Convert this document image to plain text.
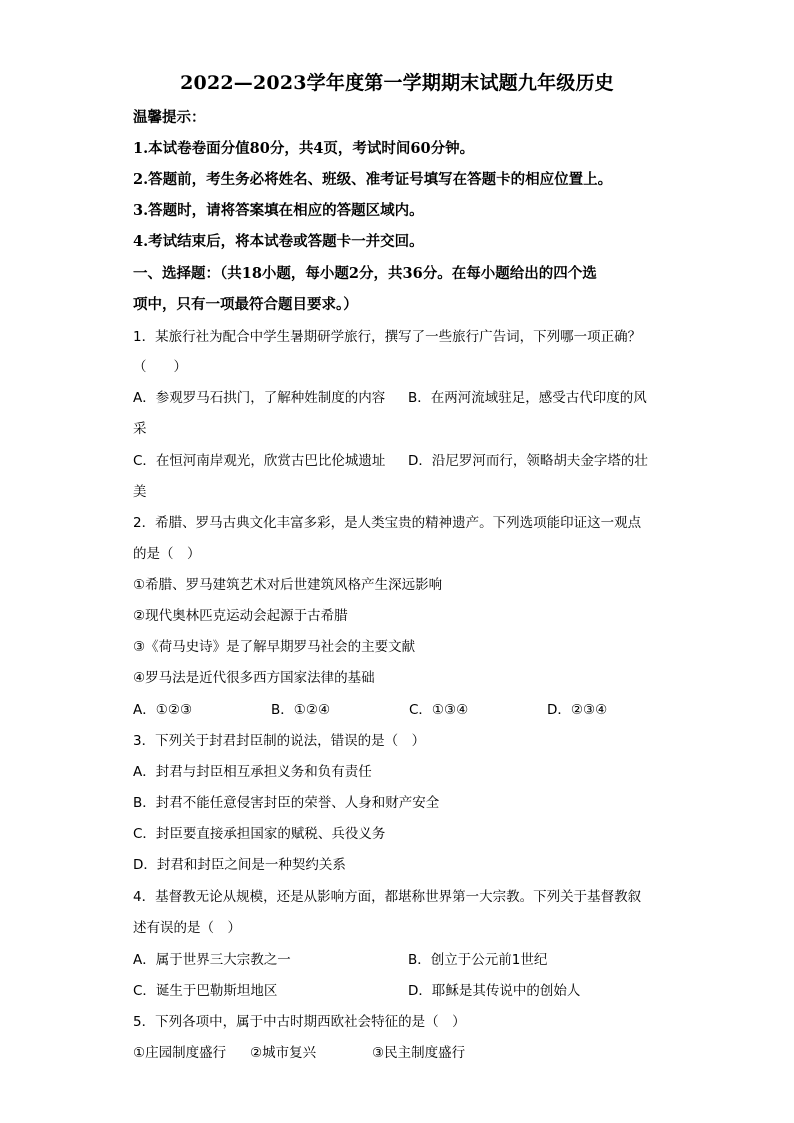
2022—2023学年度第一学期期末试题九年级历史
温馨提示：
1.本试卷卷面分值80分，共4页，考试时间60分钟。
2.答题前，考生务必将姓名、班级、准考证号填写在答题卡的相应位置上。
3.答题时，请将答案填在相应的答题区域内。
4.考试结束后，将本试卷或答题卡一并交回。
一、选择题：（共18小题，每小题2分，共36分。在每小题给出的四个选
项中，只有一项最符合题目要求。）
1．某旅行社为配合中学生暑期研学旅行，撰写了一些旅行广告词，下列哪一项正确？
（　　）
A．参观罗马石拱门，了解种姓制度的内容 B．在两河流域驻足，感受古代印度的风
采
C．在恒河南岸观光，欣赏古巴比伦城遗址 D．沿尼罗河而行，领略胡夫金字塔的壮
美
2．希腊、罗马古典文化丰富多彩，是人类宝贵的精神遗产。下列选项能印证这一观点
的是（　）
①希腊、罗马建筑艺术对后世建筑风格产生深远影响
②现代奥林匹克运动会起源于古希腊
③《荷马史诗》是了解早期罗马社会的主要文献
④罗马法是近代很多西方国家法律的基础
A．①②③	B．①②④	C．①③④	D．②③④
3．下列关于封君封臣制的说法，错误的是（　）
A．封君与封臣相互承担义务和负有责任
B．封君不能任意侵害封臣的荣誉、人身和财产安全
C．封臣要直接承担国家的赋税、兵役义务
D．封君和封臣之间是一种契约关系
4．基督教无论从规模，还是从影响方面，都堪称世界第一大宗教。下列关于基督教叙
述有误的是（　）
A．属于世界三大宗教之一	B．创立于公元前1世纪
C．诞生于巴勒斯坦地区	D．耶稣是其传说中的创始人
5．下列各项中，属于中古时期西欧社会特征的是（　）
①庄园制度盛行 ②城市复兴	③民主制度盛行
